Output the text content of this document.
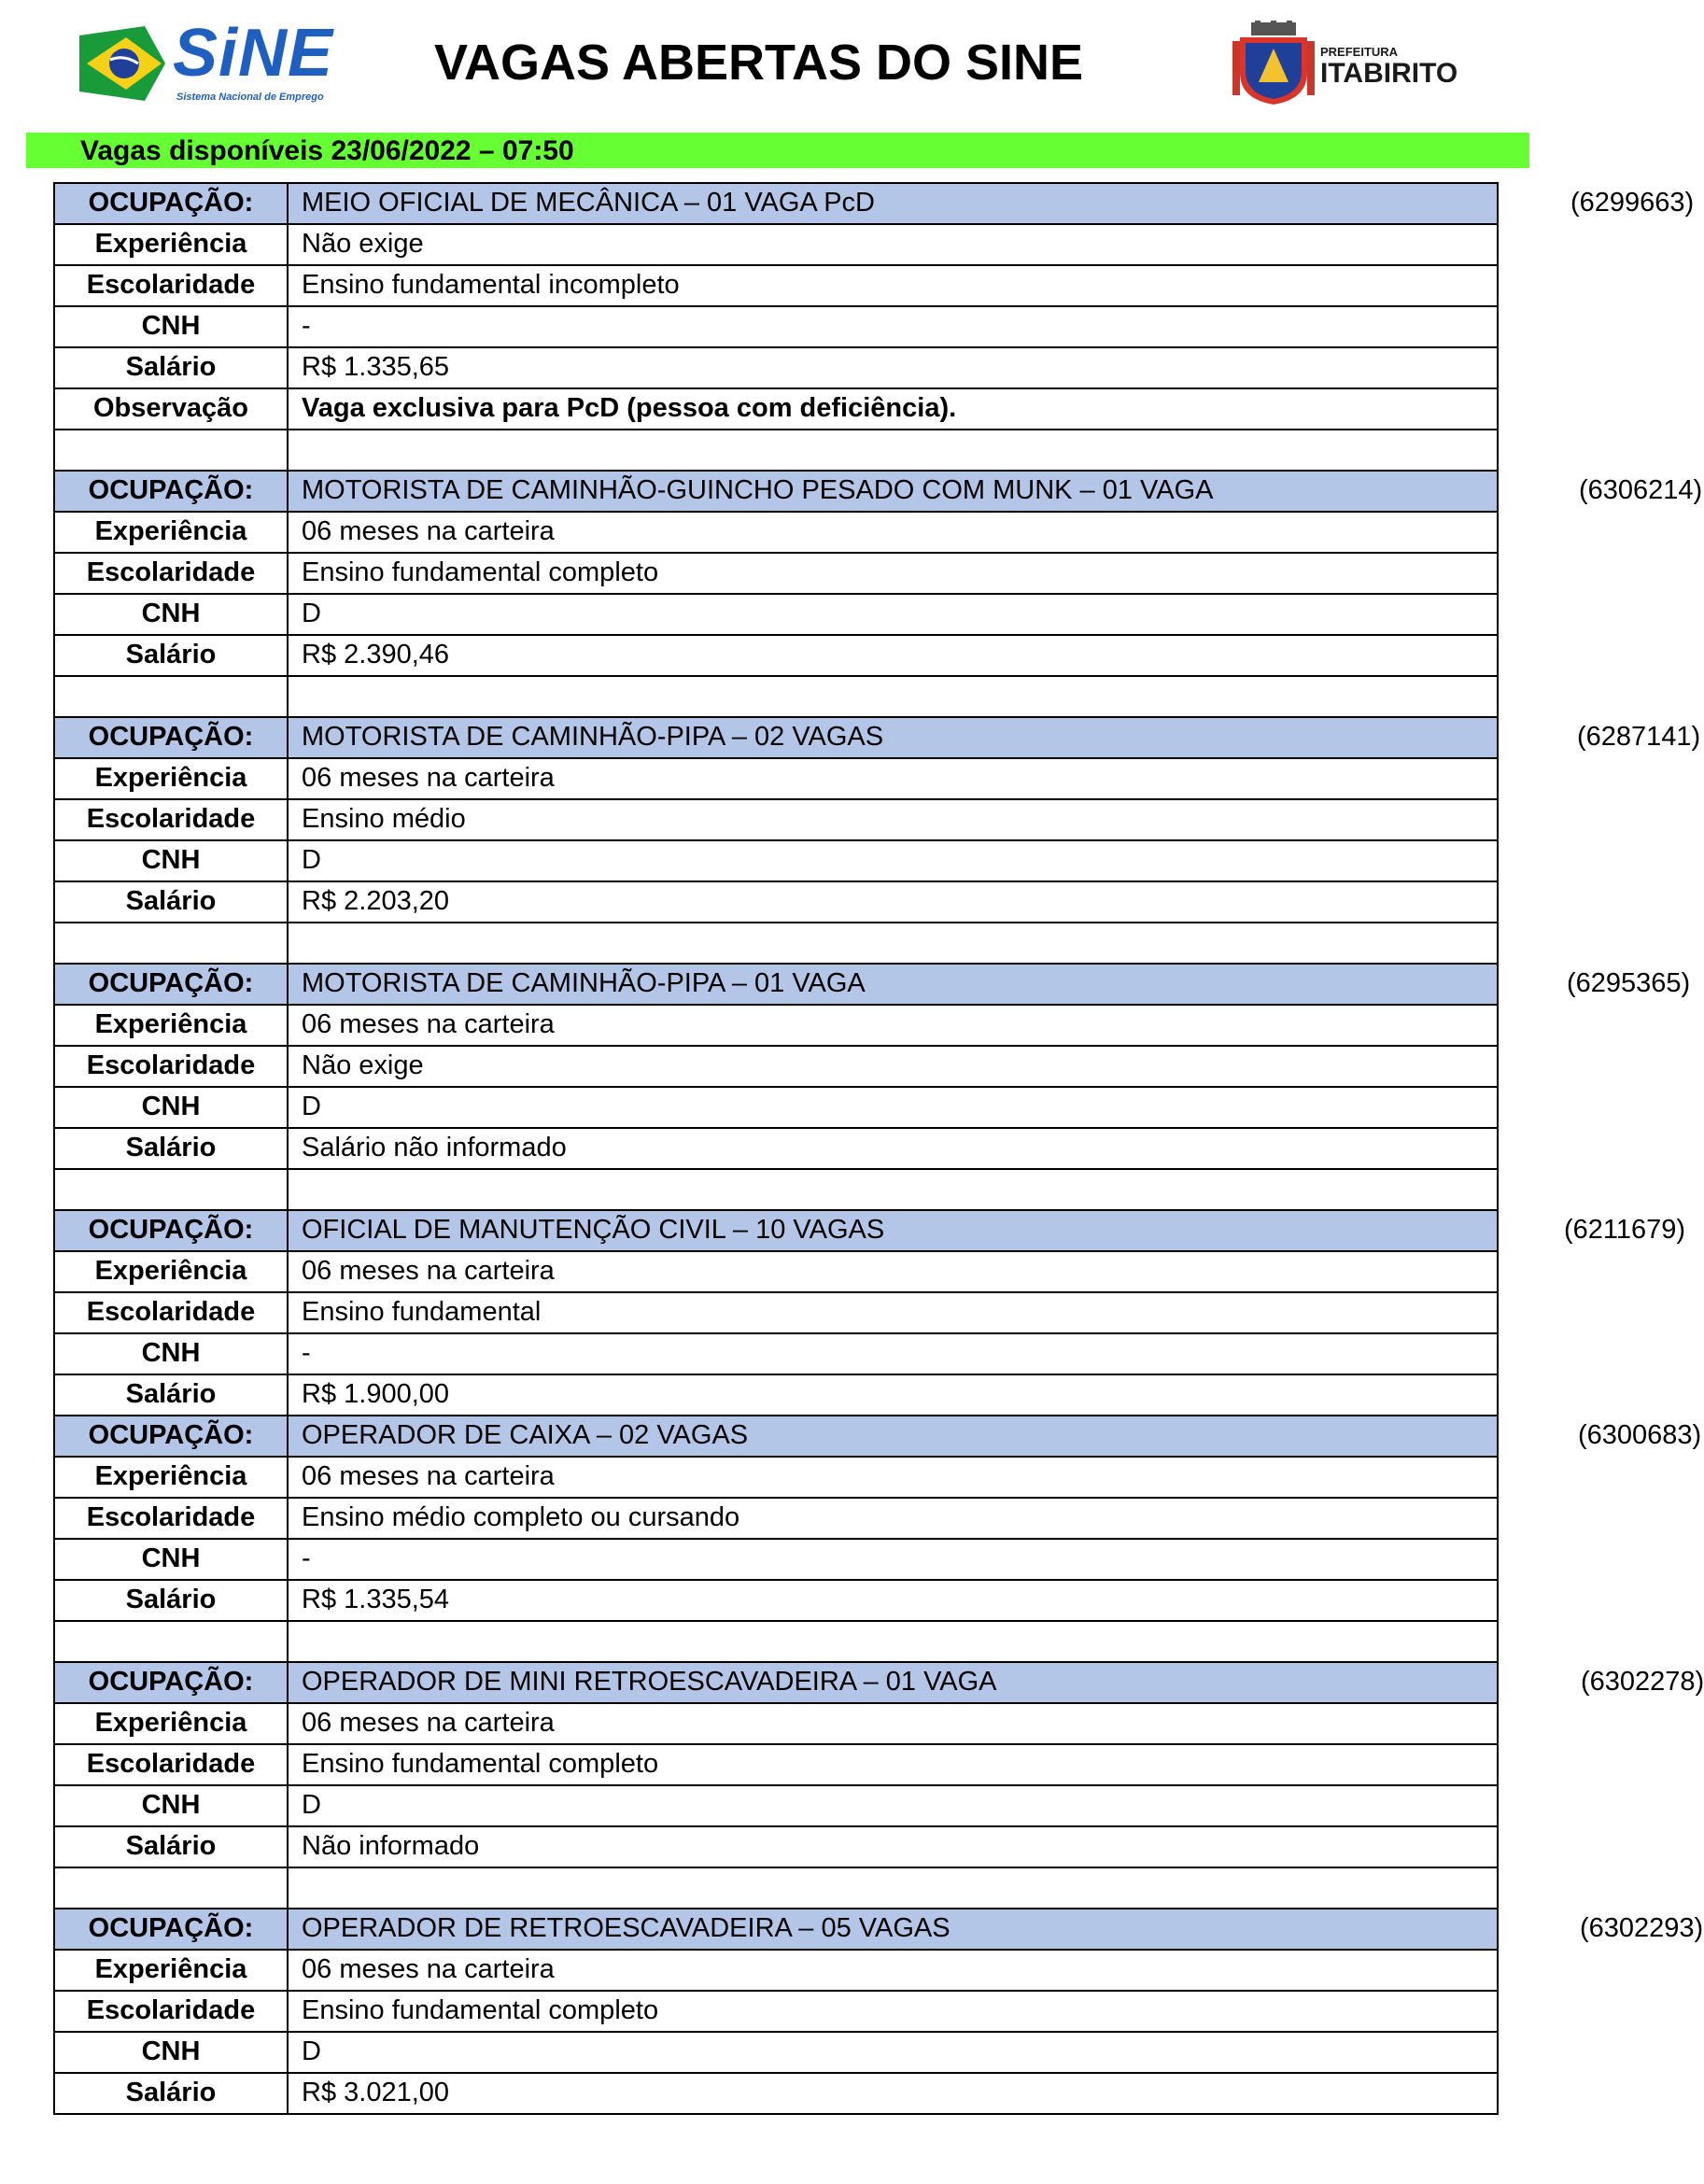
SiNE
Sistema Nacional de Emprego
VAGAS ABERTAS DO SINE	PREFEITURA
ITABIRITO
Vagas disponíveis 23/06/2022 – 07:50
OCUPAÇÃO:	MEIO OFICIAL DE MECÂNICA – 01 VAGA PcD	(6299663)
Experiência	Não exige
Escolaridade	Ensino fundamental incompleto
CNH	-
Salário	R$ 1.335,65
Observação	Vaga exclusiva para PcD (pessoa com deficiência).
OCUPAÇÃO:	MOTORISTA DE CAMINHÃO-GUINCHO PESADO COM MUNK – 01 VAGA	(6306214)
Experiência	06 meses na carteira
Escolaridade	Ensino fundamental completo
CNH	D
Salário	R$ 2.390,46
OCUPAÇÃO:	MOTORISTA DE CAMINHÃO-PIPA – 02 VAGAS	(6287141)
Experiência	06 meses na carteira
Escolaridade	Ensino médio
CNH	D
Salário	R$ 2.203,20
OCUPAÇÃO:	MOTORISTA DE CAMINHÃO-PIPA – 01 VAGA	(6295365)
Experiência	06 meses na carteira
Escolaridade	Não exige
CNH	D
Salário	Salário não informado
OCUPAÇÃO:	OFICIAL DE MANUTENÇÃO CIVIL – 10 VAGAS	(6211679)
Experiência	06 meses na carteira
Escolaridade	Ensino fundamental
CNH	-
Salário	R$ 1.900,00
OCUPAÇÃO:	OPERADOR DE CAIXA – 02 VAGAS	(6300683)
Experiência	06 meses na carteira
Escolaridade	Ensino médio completo ou cursando
CNH	-
Salário	R$ 1.335,54
OCUPAÇÃO:	OPERADOR DE MINI RETROESCAVADEIRA – 01 VAGA	(6302278)
Experiência	06 meses na carteira
Escolaridade	Ensino fundamental completo
CNH	D
Salário	Não informado
OCUPAÇÃO:	OPERADOR DE RETROESCAVADEIRA – 05 VAGAS	(6302293)
Experiência	06 meses na carteira
Escolaridade	Ensino fundamental completo
CNH	D
Salário	R$ 3.021,00
